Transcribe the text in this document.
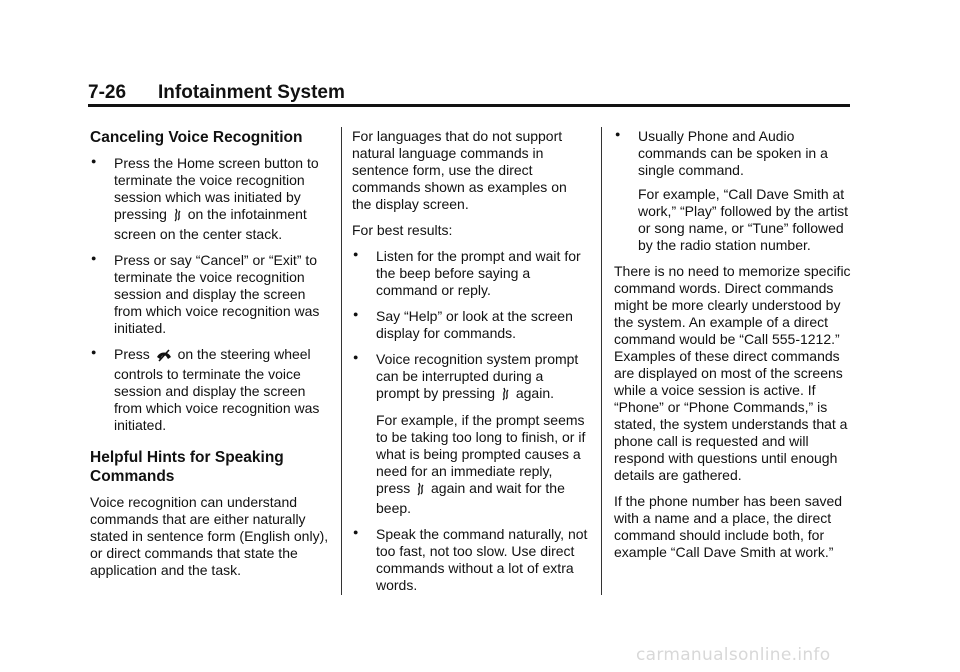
7-26 Infotainment System
Canceling Voice Recognition
● Press the Home screen button to terminate the voice recognition session which was initiated by pressing on the infotainment screen on the center stack.
● Press or say “Cancel” or “Exit” to terminate the voice recognition session and display the screen from which voice recognition was initiated.
● Press on the steering wheel controls to terminate the voice session and display the screen from which voice recognition was initiated.
Helpful Hints for Speaking Commands

Voice recognition can understand commands that are either naturally stated in sentence form (English only), or direct commands that state the application and the task.

For languages that do not support natural language commands in sentence form, use the direct commands shown as examples on the display screen.

For best results:

● Listen for the prompt and wait for the beep before saying a command or reply.
● Say “Help” or look at the screen display for commands.
● Voice recognition system prompt can be interrupted during a prompt by pressing again.

For example, if the prompt seems to be taking too long to finish, or if what is being prompted causes a need for an immediate reply, press again and wait for the beep.

● Speak the command naturally, not too fast, not too slow. Use direct commands without a lot of extra words.
● Usually Phone and Audio commands can be spoken in a single command.

For example, “Call Dave Smith at work,” “Play” followed by the artist or song name, or “Tune” followed by the radio station number.

There is no need to memorize specific command words. Direct commands might be more clearly understood by the system. An example of a direct command would be “Call 555-1212.” Examples of these direct commands are displayed on most of the screens while a voice session is active. If “Phone” or “Phone Commands,” is stated, the system understands that a phone call is requested and will respond with questions until enough details are gathered.

If the phone number has been saved with a name and a place, the direct command should include both, for example “Call Dave Smith at work.”

carmanualsonline.info
